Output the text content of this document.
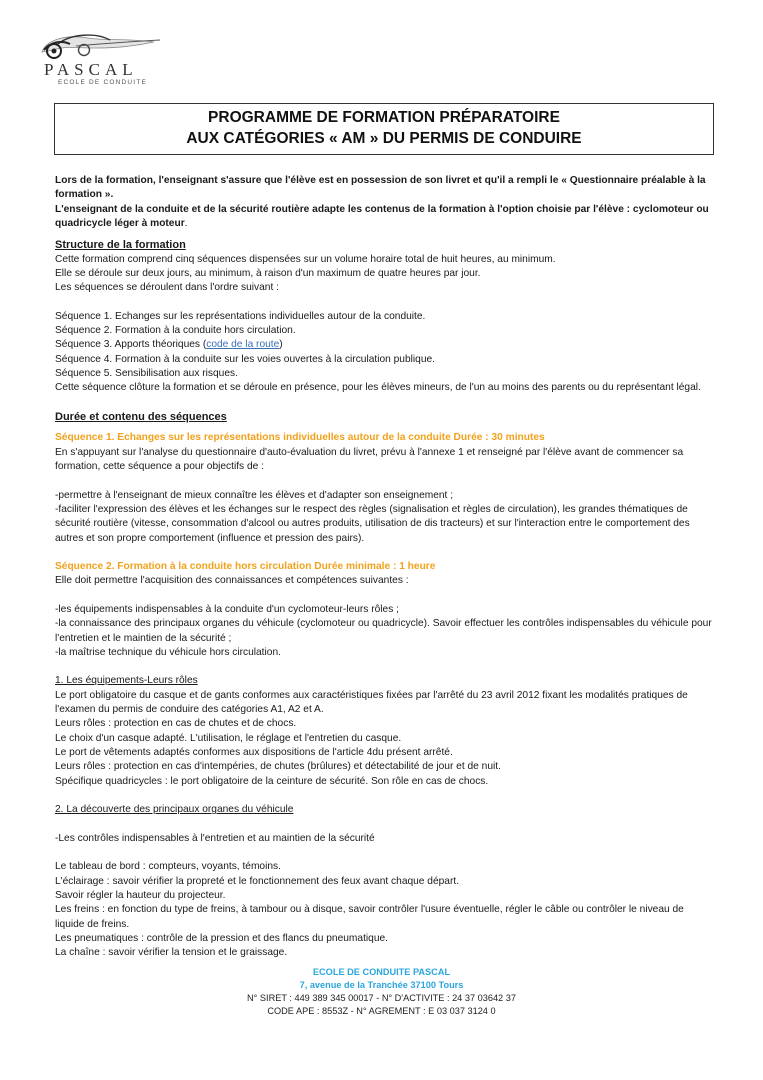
PASCAL
ECOLE DE CONDUITE
PROGRAMME DE FORMATION PRÉPARATOIRE
AUX CATÉGORIES « AM » DU PERMIS DE CONDUIRE

Lors de la formation, l'enseignant s'assure que l'élève est en possession de son livret et qu'il a rempli le « Questionnaire préalable à la formation ».

L'enseignant de la conduite et de la sécurité routière adapte les contenus de la formation à l'option choisie par l'élève : cyclomoteur ou quadricycle léger à moteur.

Structure de la formation

Cette formation comprend cinq séquences dispensées sur un volume horaire total de huit heures, au minimum.

Elle se déroule sur deux jours, au minimum, à raison d'un maximum de quatre heures par jour.

Les séquences se déroulent dans l'ordre suivant :

Séquence 1. Echanges sur les représentations individuelles autour de la conduite.

Séquence 2. Formation à la conduite hors circulation.

Séquence 3. Apports théoriques (code de la route)

Séquence 4. Formation à la conduite sur les voies ouvertes à la circulation publique.

Séquence 5. Sensibilisation aux risques.

Cette séquence clôture la formation et se déroule en présence, pour les élèves mineurs, de l'un au moins des parents ou du représentant légal.

Durée et contenu des séquences

Séquence 1. Echanges sur les représentations individuelles autour de la conduite Durée : 30 minutes

En s'appuyant sur l'analyse du questionnaire d'auto-évaluation du livret, prévu à l'annexe 1 et renseigné par l'élève avant de commencer sa formation, cette séquence a pour objectifs de :

-permettre à l'enseignant de mieux connaître les élèves et d'adapter son enseignement ;

-faciliter l'expression des élèves et les échanges sur le respect des règles (signalisation et règles de circulation), les grandes thématiques de sécurité routière (vitesse, consommation d'alcool ou autres produits, utilisation de dis tracteurs) et sur l'interaction entre le comportement des autres et son propre comportement (influence et pression des pairs).

Séquence 2. Formation à la conduite hors circulation Durée minimale : 1 heure

Elle doit permettre l'acquisition des connaissances et compétences suivantes :

-les équipements indispensables à la conduite d'un cyclomoteur-leurs rôles ;

-la connaissance des principaux organes du véhicule (cyclomoteur ou quadricycle). Savoir effectuer les contrôles indispensables du véhicule pour l'entretien et le maintien de la sécurité ;

-la maîtrise technique du véhicule hors circulation.

1. Les équipements-Leurs rôles

Le port obligatoire du casque et de gants conformes aux caractéristiques fixées par l'arrêté du 23 avril 2012 fixant les modalités pratiques de l'examen du permis de conduire des catégories A1, A2 et A.

Leurs rôles : protection en cas de chutes et de chocs.

Le choix d'un casque adapté. L'utilisation, le réglage et l'entretien du casque.

Le port de vêtements adaptés conformes aux dispositions de l'article 4du présent arrêté.

Leurs rôles : protection en cas d'intempéries, de chutes (brûlures) et détectabilité de jour et de nuit.

Spécifique quadricycles : le port obligatoire de la ceinture de sécurité. Son rôle en cas de chocs.

2. La découverte des principaux organes du véhicule

-Les contrôles indispensables à l'entretien et au maintien de la sécurité

Le tableau de bord : compteurs, voyants, témoins.

L'éclairage : savoir vérifier la propreté et le fonctionnement des feux avant chaque départ.

Savoir régler la hauteur du projecteur.

Les freins : en fonction du type de freins, à tambour ou à disque, savoir contrôler l'usure éventuelle, régler le câble ou contrôler le niveau de liquide de freins.

Les pneumatiques : contrôle de la pression et des flancs du pneumatique.

La chaîne : savoir vérifier la tension et le graissage.

ECOLE DE CONDUITE PASCAL
7, avenue de la Tranchée 37100 Tours
N° SIRET : 449 389 345 00017 - N° D'ACTIVITE : 24 37 03642 37
CODE APE : 8553Z - N° AGREMENT : E 03 037 3124 0
